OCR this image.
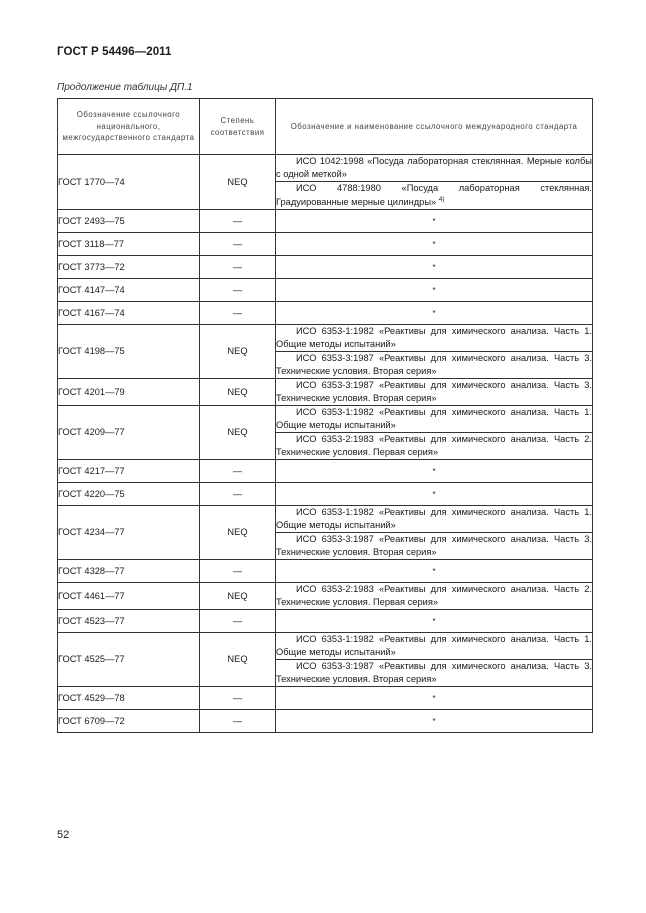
ГОСТ Р 54496—2011
Продолжение таблицы ДП.1
Обозначение ссылочного национального, межгосударственного стандарта	Степень соответствия	Обозначение и наименование ссылочного международного стандарта
ГОСТ 1770—74	NEQ	ИСО 1042:1998 «Посуда лабораторная стеклянная. Мерные колбы с одной меткой»
		ИСО 4788:1980 «Посуда лабораторная стеклянная. Градуированные мерные цилиндры» $^{4)}$
ГОСТ 2493—75	—	*
ГОСТ 3118—77	—	*
ГОСТ 3773—72	—	*
ГОСТ 4147—74	—	*
ГОСТ 4167—74	—	*
ГОСТ 4198—75	NEQ	ИСО 6353-1:1982 «Реактивы для химического анализа. Часть 1. Общие методы испытаний»
		ИСО 6353-3:1987 «Реактивы для химического анализа. Часть 3. Технические условия. Вторая серия»
ГОСТ 4201—79	NEQ	ИСО 6353-3:1987 «Реактивы для химического анализа. Часть 3. Технические условия. Вторая серия»
ГОСТ 4209—77	NEQ	ИСО 6353-1:1982 «Реактивы для химического анализа. Часть 1. Общие методы испытаний»
		ИСО 6353-2:1983 «Реактивы для химического анализа. Часть 2. Технические условия. Первая серия»
ГОСТ 4217—77	—	*
ГОСТ 4220—75	—	*
ГОСТ 4234—77	NEQ	ИСО 6353-1:1982 «Реактивы для химического анализа. Часть 1. Общие методы испытаний»
		ИСО 6353-3:1987 «Реактивы для химического анализа. Часть 3. Технические условия. Вторая серия»
ГОСТ 4328—77	—	*
ГОСТ 4461—77	NEQ	ИСО 6353-2:1983 «Реактивы для химического анализа. Часть 2. Технические условия. Первая серия»
ГОСТ 4523—77	—	*
ГОСТ 4525—77	NEQ	ИСО 6353-1:1982 «Реактивы для химического анализа. Часть 1. Общие методы испытаний»
		ИСО 6353-3:1987 «Реактивы для химического анализа. Часть 3. Технические условия. Вторая серия»
ГОСТ 4529—78	—	*
ГОСТ 6709—72	—	*
52
